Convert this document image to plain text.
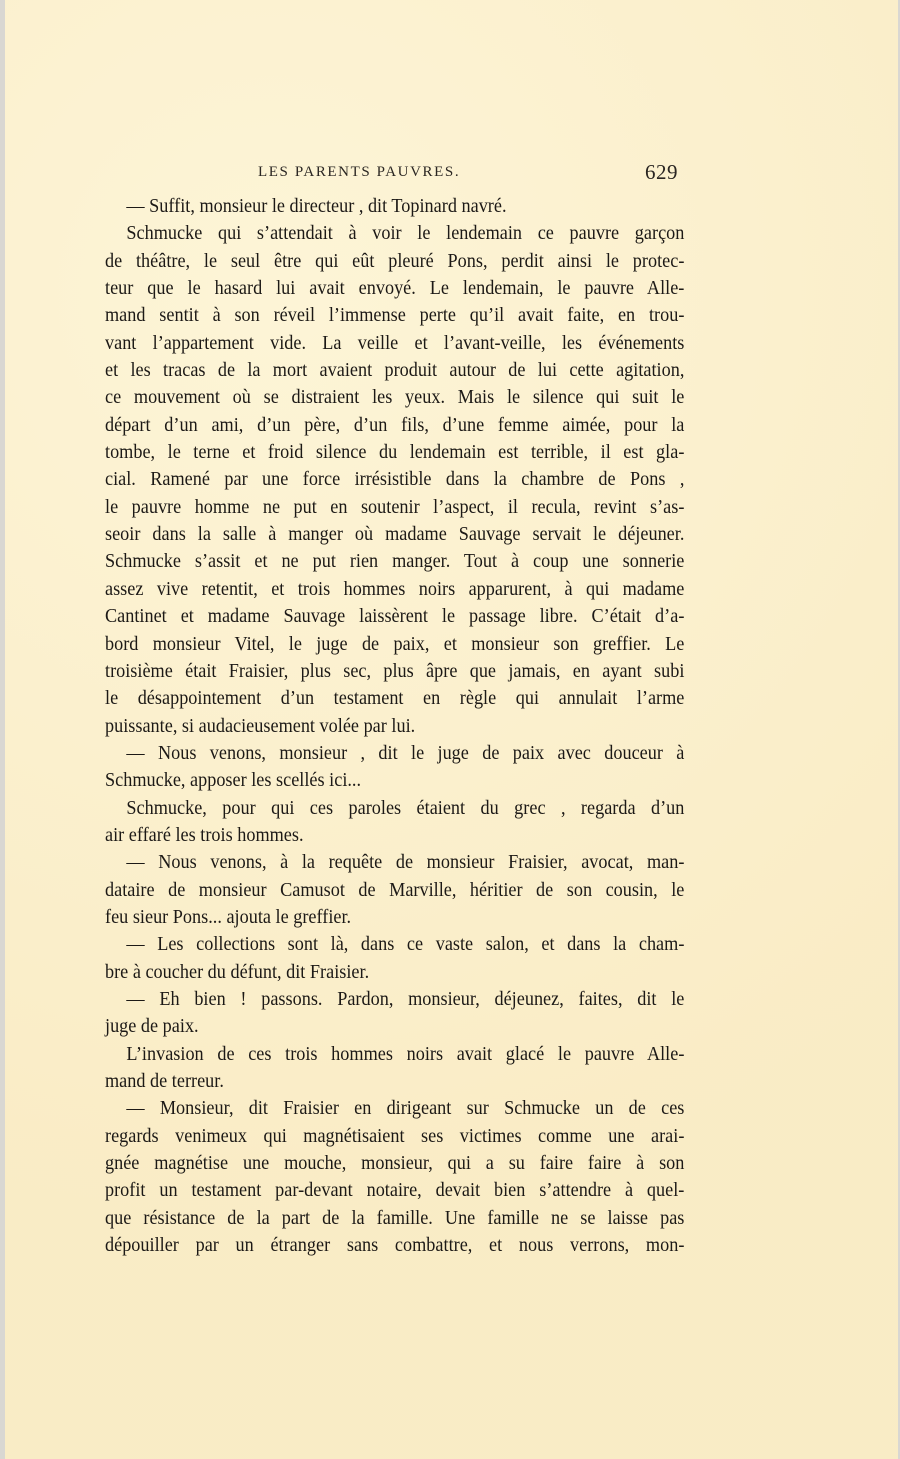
LES PARENTS PAUVRES.	629
— Suffit, monsieur le directeur , dit Topinard navré.
Schmucke qui s’attendait à voir le lendemain ce pauvre garçon
de théâtre, le seul être qui eût pleuré Pons, perdit ainsi le protec-
teur que le hasard lui avait envoyé. Le lendemain, le pauvre Alle-
mand sentit à son réveil l’immense perte qu’il avait faite, en trou-
vant l’appartement vide. La veille et l’avant-veille, les événements
et les tracas de la mort avaient produit autour de lui cette agitation,
ce mouvement où se distraient les yeux. Mais le silence qui suit le
départ d’un ami, d’un père, d’un fils, d’une femme aimée, pour la
tombe, le terne et froid silence du lendemain est terrible, il est gla-
cial. Ramené par une force irrésistible dans la chambre de Pons ,
le pauvre homme ne put en soutenir l’aspect, il recula, revint s’as-
seoir dans la salle à manger où madame Sauvage servait le déjeuner.
Schmucke s’assit et ne put rien manger. Tout à coup une sonnerie
assez vive retentit, et trois hommes noirs apparurent, à qui madame
Cantinet et madame Sauvage laissèrent le passage libre. C’était d’a-
bord monsieur Vitel, le juge de paix, et monsieur son greffier. Le
troisième était Fraisier, plus sec, plus âpre que jamais, en ayant subi
le désappointement d’un testament en règle qui annulait l’arme
puissante, si audacieusement volée par lui.
— Nous venons, monsieur , dit le juge de paix avec douceur à
Schmucke, apposer les scellés ici...
Schmucke, pour qui ces paroles étaient du grec , regarda d’un
air effaré les trois hommes.
— Nous venons, à la requête de monsieur Fraisier, avocat, man-
dataire de monsieur Camusot de Marville, héritier de son cousin, le
feu sieur Pons... ajouta le greffier.
— Les collections sont là, dans ce vaste salon, et dans la cham-
bre à coucher du défunt, dit Fraisier.
— Eh bien ! passons. Pardon, monsieur, déjeunez, faites, dit le
juge de paix.
L’invasion de ces trois hommes noirs avait glacé le pauvre Alle-
mand de terreur.
— Monsieur, dit Fraisier en dirigeant sur Schmucke un de ces
regards venimeux qui magnétisaient ses victimes comme une arai-
gnée magnétise une mouche, monsieur, qui a su faire faire à son
profit un testament par-devant notaire, devait bien s’attendre à quel-
que résistance de la part de la famille. Une famille ne se laisse pas
dépouiller par un étranger sans combattre, et nous verrons, mon-
